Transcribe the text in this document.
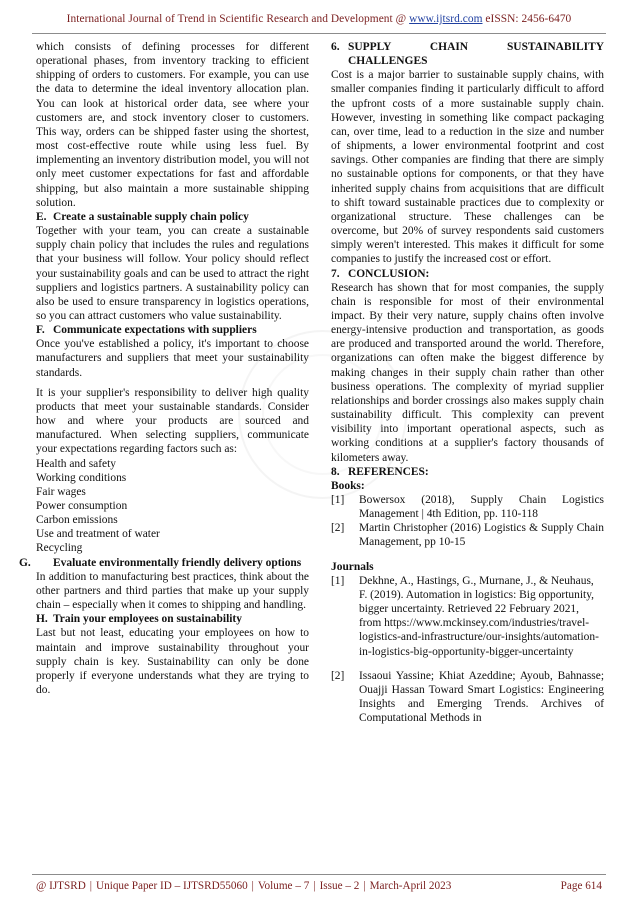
International Journal of Trend in Scientific Research and Development @ www.ijtsrd.com eISSN: 2456-6470

which consists of defining processes for different operational phases, from inventory tracking to efficient shipping of orders to customers. For example, you can use the data to determine the ideal inventory allocation plan. You can look at historical order data, see where your customers are, and stock inventory closer to customers. This way, orders can be shipped faster using the shortest, most cost-effective route while using less fuel. By implementing an inventory distribution model, you will not only meet customer expectations for fast and affordable shipping, but also maintain a more sustainable shipping solution.

E. Create a sustainable supply chain policy

Together with your team, you can create a sustainable supply chain policy that includes the rules and regulations that your business will follow. Your policy should reflect your sustainability goals and can be used to attract the right suppliers and logistics partners. A sustainability policy can also be used to ensure transparency in logistics operations, so you can attract customers who value sustainability.

F. Communicate expectations with suppliers

Once you've established a policy, it's important to choose manufacturers and suppliers that meet your sustainability standards.

It is your supplier's responsibility to deliver high quality products that meet your sustainable standards. Consider how and where your products are sourced and manufactured. When selecting suppliers, communicate your expectations regarding factors such as:

Health and safety
Working conditions
Fair wages
Power consumption
Carbon emissions
Use and treatment of water
Recycling
G. Evaluate environmentally friendly delivery options

In addition to manufacturing best practices, think about the other partners and third parties that make up your supply chain – especially when it comes to shipping and handling.

H. Train your employees on sustainability

Last but not least, educating your employees on how to maintain and improve sustainability throughout your supply chain is key. Sustainability can only be done properly if everyone understands what they are trying to do.

6. SUPPLY CHAIN SUSTAINABILITY
CHALLENGES

Cost is a major barrier to sustainable supply chains, with smaller companies finding it particularly difficult to afford the upfront costs of a more sustainable supply chain. However, investing in something like compact packaging can, over time, lead to a reduction in the size and number of shipments, a lower environmental footprint and cost savings. Other companies are finding that there are simply no sustainable options for components, or that they have inherited supply chains from acquisitions that are difficult to shift toward sustainable practices due to complexity or organizational structure. These challenges can be overcome, but 20% of survey respondents said customers simply weren't interested. This makes it difficult for some companies to justify the increased cost or effort.

7. CONCLUSION:

Research has shown that for most companies, the supply chain is responsible for most of their environmental impact. By their very nature, supply chains often involve energy-intensive production and transportation, as goods are produced and transported around the world. Therefore, organizations can often make the biggest difference by making changes in their supply chain rather than other business operations. The complexity of myriad supplier relationships and border crossings also makes supply chain sustainability difficult. This complexity can prevent visibility into important operational aspects, such as working conditions at a supplier's factory thousands of kilometers away.

8. REFERENCES:
Books:
[1] Bowersox (2018), Supply Chain Logistics Management | 4th Edition, pp. 110-118
[2] Martin Christopher (2016) Logistics & Supply Chain Management, pp 10-15
Journals
[1] Dekhne, A., Hastings, G., Murnane, J., & Neuhaus, F. (2019). Automation in logistics: Big opportunity, bigger uncertainty. Retrieved 22 February 2021, from https://www.mckinsey.com/industries/travel-logistics-and-infrastructure/our-insights/automation-in-logistics-big-opportunity-bigger-uncertainty
[2] Issaoui Yassine; Khiat Azeddine; Ayoub, Bahnasse; Ouajji Hassan Toward Smart Logistics: Engineering Insights and Emerging Trends. Archives of Computational Methods in
@ IJTSRD | Unique Paper ID – IJTSRD55060 | Volume – 7 | Issue – 2 | March-April 2023	Page 614
